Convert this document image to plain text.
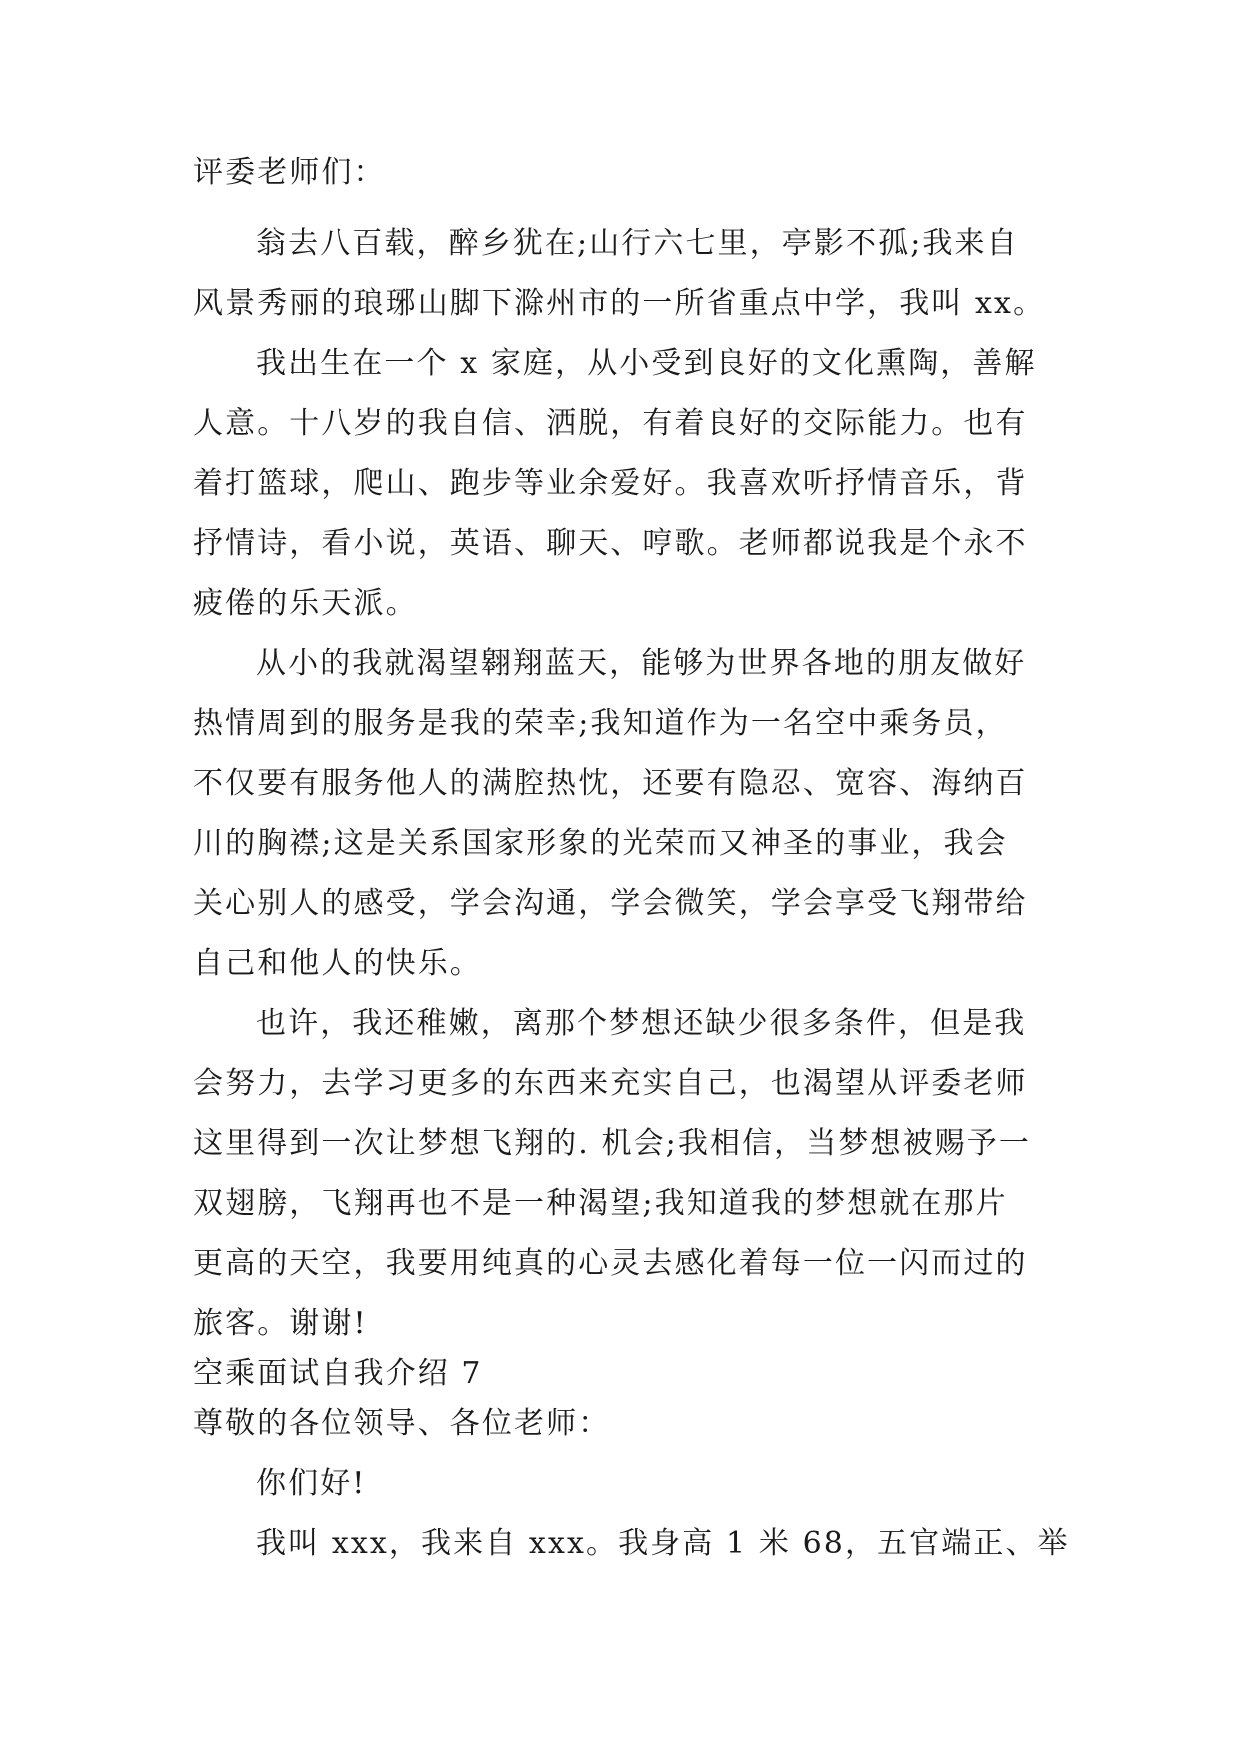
评委老师们：
翁去八百载，醉乡犹在;山行六七里，亭影不孤;我来自
风景秀丽的琅琊山脚下滁州市的一所省重点中学，我叫 xx。
我出生在一个 x 家庭，从小受到良好的文化熏陶，善解
人意。十八岁的我自信、洒脱，有着良好的交际能力。也有
着打篮球，爬山、跑步等业余爱好。我喜欢听抒情音乐，背
抒情诗，看小说，英语、聊天、哼歌。老师都说我是个永不
疲倦的乐天派。
从小的我就渴望翱翔蓝天，能够为世界各地的朋友做好
热情周到的服务是我的荣幸;我知道作为一名空中乘务员，
不仅要有服务他人的满腔热忱，还要有隐忍、宽容、海纳百
川的胸襟;这是关系国家形象的光荣而又神圣的事业，我会
关心别人的感受，学会沟通，学会微笑，学会享受飞翔带给
自己和他人的快乐。
也许，我还稚嫩，离那个梦想还缺少很多条件，但是我
会努力，去学习更多的东西来充实自己，也渴望从评委老师
这里得到一次让梦想飞翔的. 机会;我相信，当梦想被赐予一
双翅膀，飞翔再也不是一种渴望;我知道我的梦想就在那片
更高的天空，我要用纯真的心灵去感化着每一位一闪而过的
旅客。谢谢!
空乘面试自我介绍 7
尊敬的各位领导、各位老师：
你们好!
我叫 xxx，我来自 xxx。我身高 1 米 68，五官端正、举
